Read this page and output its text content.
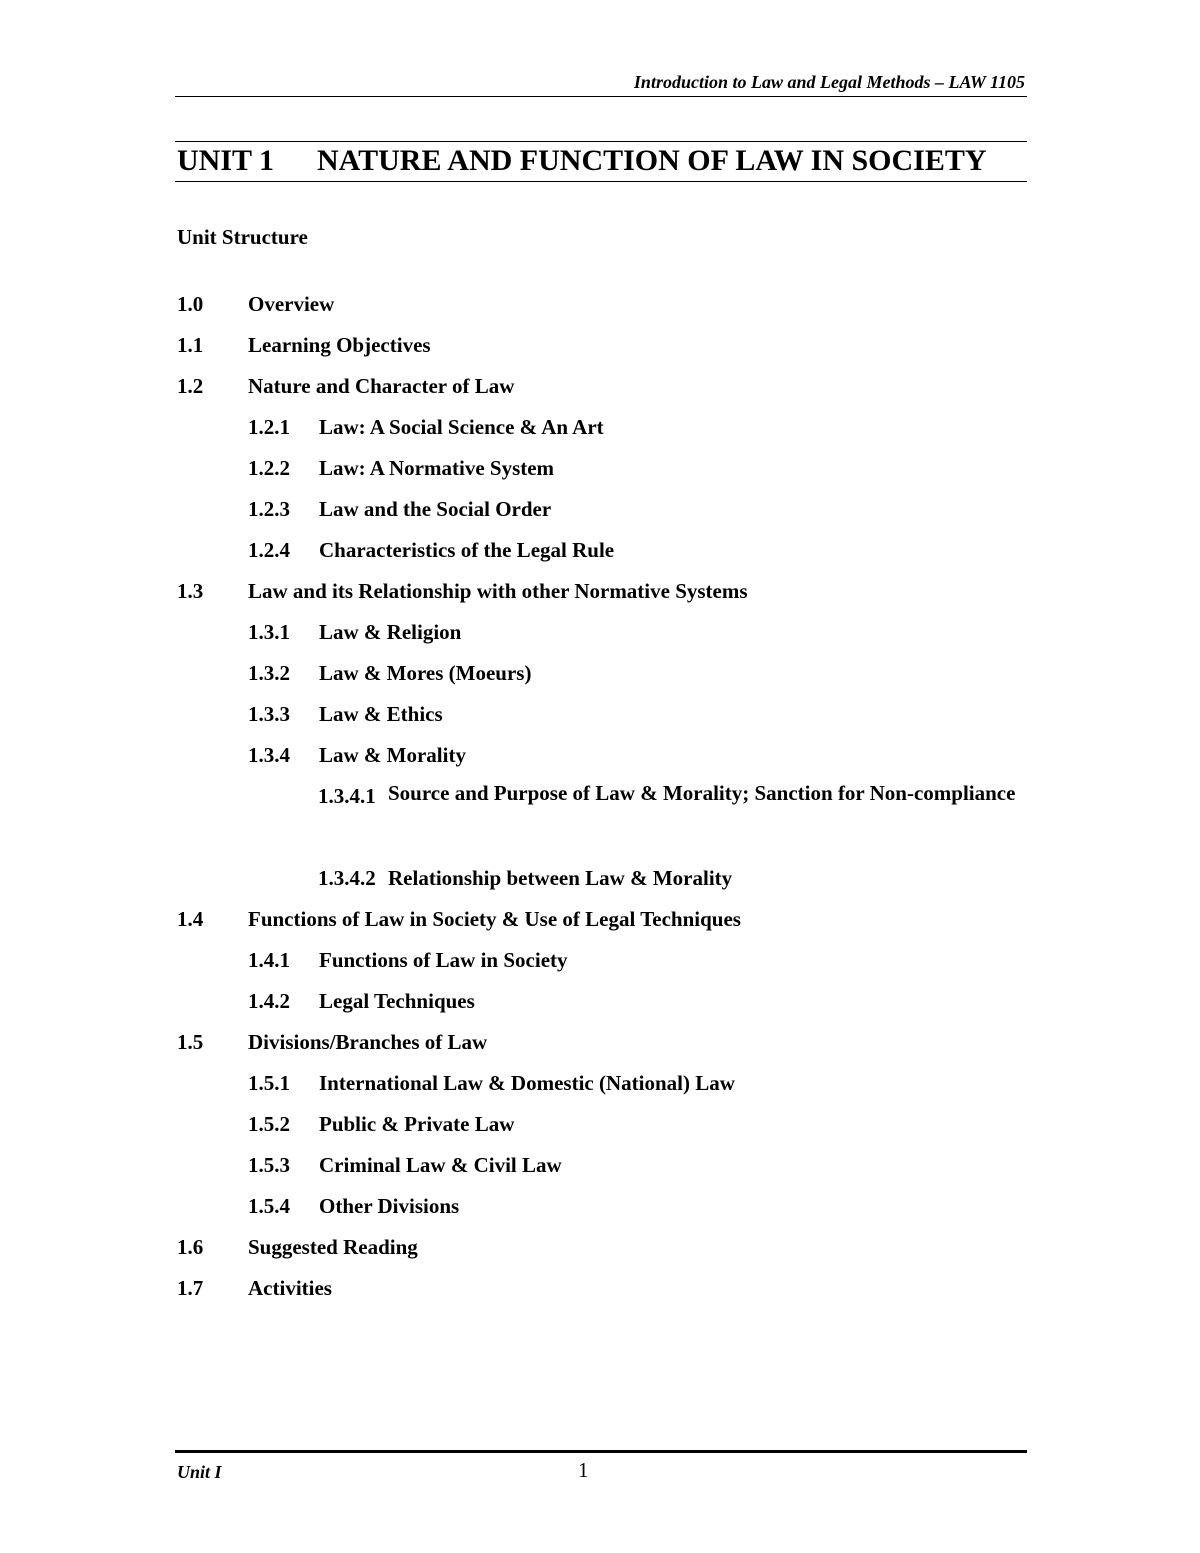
Introduction to Law and Legal Methods – LAW 1105
UNIT 1 NATURE AND FUNCTION OF LAW IN SOCIETY
Unit Structure
1.0 Overview
1.1 Learning Objectives
1.2 Nature and Character of Law
1.2.1 Law: A Social Science & An Art
1.2.2 Law: A Normative System
1.2.3 Law and the Social Order
1.2.4 Characteristics of the Legal Rule
1.3 Law and its Relationship with other Normative Systems
1.3.1 Law & Religion
1.3.2 Law & Mores (Moeurs)
1.3.3 Law & Ethics
1.3.4 Law & Morality
1.3.4.1 Source and Purpose of Law & Morality; Sanction for Non-compliance
1.3.4.2 Relationship between Law & Morality
1.4 Functions of Law in Society & Use of Legal Techniques
1.4.1 Functions of Law in Society
1.4.2 Legal Techniques
1.5 Divisions/Branches of Law
1.5.1 International Law & Domestic (National) Law
1.5.2 Public & Private Law
1.5.3 Criminal Law & Civil Law
1.5.4 Other Divisions
1.6 Suggested Reading
1.7 Activities
Unit I	1
